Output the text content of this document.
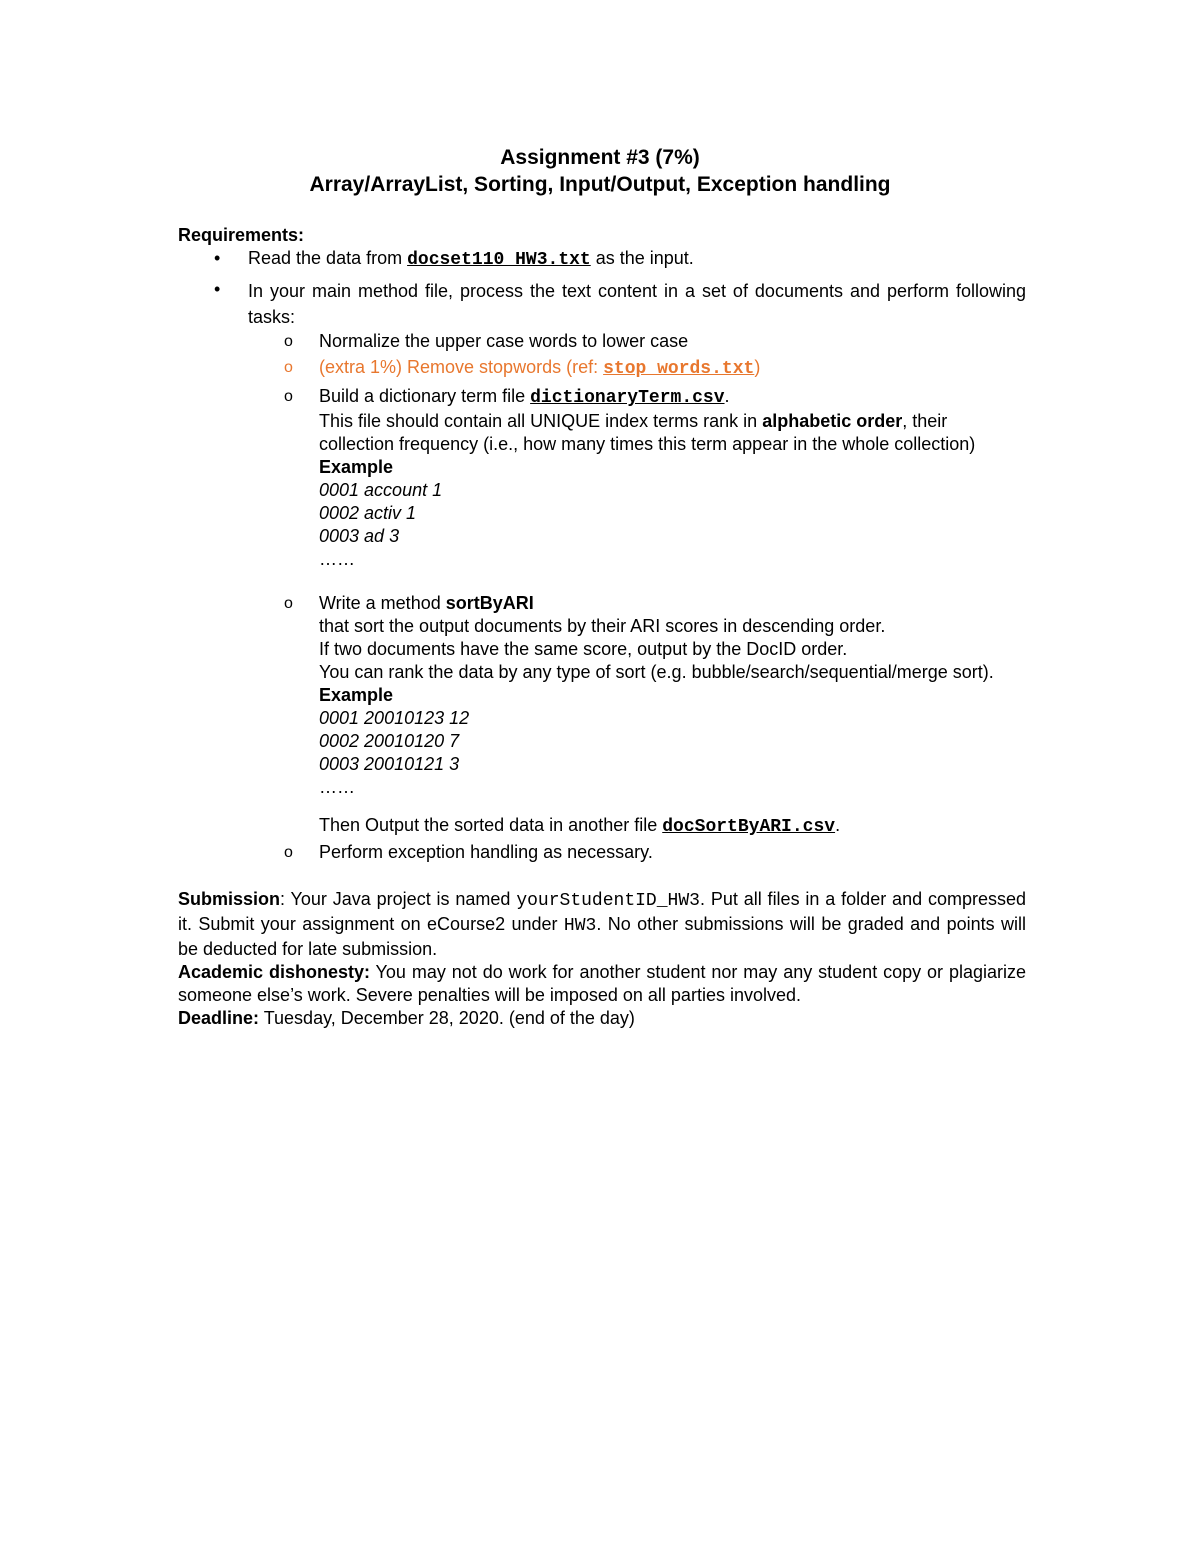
Assignment #3 (7%)
Array/ArrayList, Sorting, Input/Output, Exception handling

Requirements:

• Read the data from docset110 HW3.txt as the input.
• In your main method file, process the text content in a set of documents and perform following tasks:
o Normalize the upper case words to lower case
o (extra 1%) Remove stopwords (ref: stop words.txt)
o Build a dictionary term file dictionaryTerm.csv.
This file should contain all UNIQUE index terms rank in alphabetic order, their collection frequency (i.e., how many times this term appear in the whole collection)
Example
0001 account 1
0002 activ 1
0003 ad 3
……
o Write a method sortByARI
that sort the output documents by their ARI scores in descending order.
If two documents have the same score, output by the DocID order.
You can rank the data by any type of sort (e.g. bubble/search/sequential/merge sort).
Example
0001 20010123 12
0002 20010120 7
0003 20010121 3
……
Then Output the sorted data in another file docSortByARI.csv.
o Perform exception handling as necessary.

Submission: Your Java project is named yourStudentID_HW3. Put all files in a folder and compressed it. Submit your assignment on eCourse2 under HW3. No other submissions will be graded and points will be deducted for late submission.

Academic dishonesty: You may not do work for another student nor may any student copy or plagiarize someone else’s work. Severe penalties will be imposed on all parties involved.

Deadline: Tuesday, December 28, 2020. (end of the day)
